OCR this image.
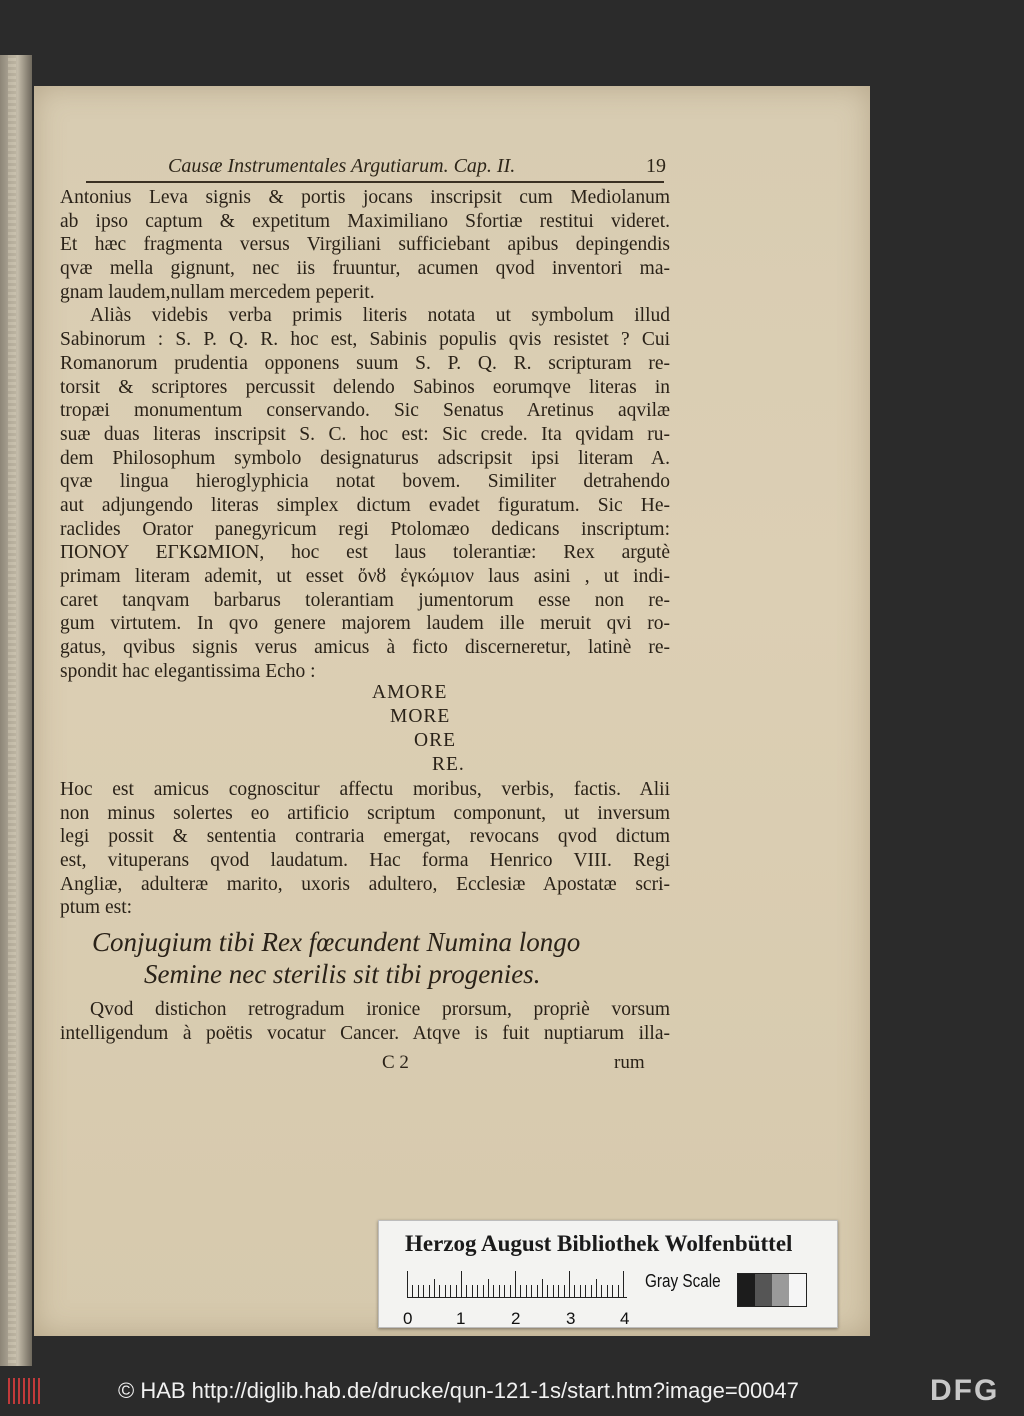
Causæ Instrumentales Argutiarum. Cap. II.	19
Antonius Leva signis & portis jocans inscripsit cum Mediolanum
ab ipso captum & expetitum Maximiliano Sfortiæ restitui videret.
Et hæc fragmenta versus Virgiliani sufficiebant apibus depingendis
qvæ mella gignunt, nec iis fruuntur, acumen qvod inventori ma-
gnam laudem,nullam mercedem peperit.
Aliàs videbis verba primis literis notata ut symbolum illud
Sabinorum : S. P. Q. R. hoc est, Sabinis populis qvis resistet ? Cui
Romanorum prudentia opponens suum S. P. Q. R. scripturam re-
torsit & scriptores percussit delendo Sabinos eorumqve literas in
tropæi monumentum conservando. Sic Senatus Aretinus aqvilæ
suæ duas literas inscripsit S. C. hoc est: Sic crede. Ita qvidam ru-
dem Philosophum symbolo designaturus adscripsit ipsi literam A.
qvæ lingua hieroglyphicia notat bovem. Similiter detrahendo
aut adjungendo literas simplex dictum evadet figuratum. Sic He-
raclides Orator panegyricum regi Ptolomæo dedicans inscriptum:
ΠΟΝΟΥ ΕΓΚΩΜΙΟΝ, hoc est laus tolerantiæ: Rex argutè
primam literam ademit, ut esset ὄνȣ ἐγκώμιον laus asini , ut indi-
caret tanqvam barbarus tolerantiam jumentorum esse non re-
gum virtutem. In qvo genere majorem laudem ille meruit qvi ro-
gatus, qvibus signis verus amicus à ficto discerneretur, latinè re-
spondit hac elegantissima Echo :
AMORE
MORE
ORE
RE.
Hoc est amicus cognoscitur affectu moribus, verbis, factis. Alii
non minus solertes eo artificio scriptum componunt, ut inversum
legi possit & sententia contraria emergat, revocans qvod dictum
est, vituperans qvod laudatum. Hac forma Henrico VIII. Regi
Angliæ, adulteræ marito, uxoris adultero, Ecclesiæ Apostatæ scri-
ptum est:
Conjugium tibi Rex fœcundent Numina longo
Semine nec sterilis sit tibi progenies.
Qvod distichon retrogradum ironice prorsum, propriè vorsum
intelligendum à poëtis vocatur Cancer. Atqve is fuit nuptiarum illa-
C 2	rum
Herzog August Bibliothek Wolfenbüttel
0	1	2	3	4
Gray Scale
© HAB http://diglib.hab.de/drucke/qun-121-1s/start.htm?image=00047	DFG
